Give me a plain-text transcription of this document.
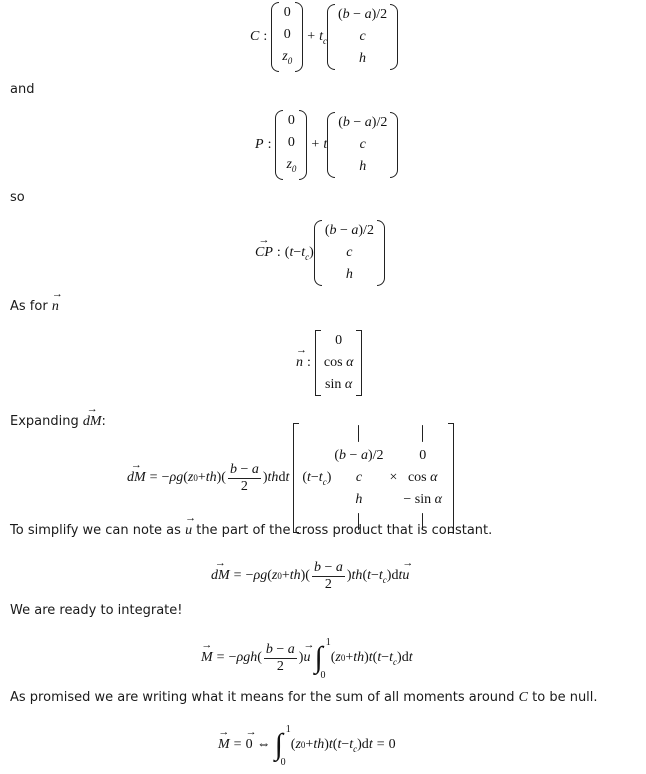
C :
0
0
$z_0$
+ $t_c$
(b − a)/2
c
h
and
P :
0
0
$z_0$
+ t
(b − a)/2
c
h
so
→ CP : ( $t - t_c$ )
(b − a)/2
c
h
As for → n
→ n :
0
cos α
sin α
Expanding → dM:
→ dM = − ρg ( z 0 + th )( $\frac{b - a}{2}$ ) th d t ( $t - t_c$ )
(b − a)/2
c
h
×
0
cos α
− sin α
To simplify we can note as → u the part of the cross product that is constant.
→ dM = − ρg ( z 0 + th )( $\frac{b - a}{2}$ ) th ( $t - t_c$ )d t → u
We are ready to integrate!
→ M = − ρgh ( $\frac{b - a}{2}$ ) → u ∫ 1
0
( z 0 + th ) t ( $t - t_c$ )d t
As promised we are writing what it means for the sum of all moments around C to be null.
→ M = → 0 ⇔ ∫ 1
0
( z 0 + th ) t ( $t - t_c$ )d t = 0
